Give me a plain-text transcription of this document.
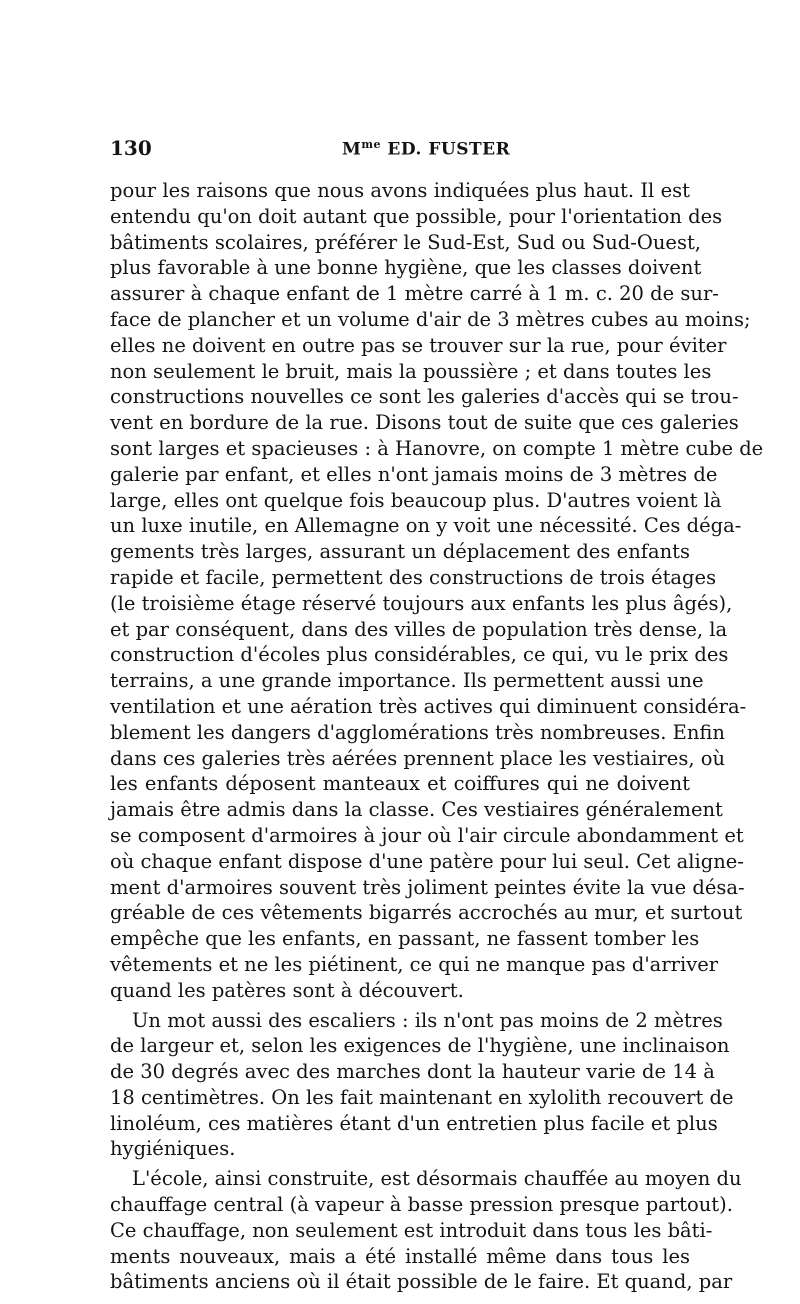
130	$M^{me}$ ED. FUSTER
pour les raisons que nous avons indiquées plus haut. Il est
entendu qu'on doit autant que possible, pour l'orientation des
bâtiments scolaires, préférer le Sud-Est, Sud ou Sud-Ouest,
plus favorable à une bonne hygiène, que les classes doivent
assurer à chaque enfant de 1 mètre carré à 1 m. c. 20 de sur-
face de plancher et un volume d'air de 3 mètres cubes au moins;
elles ne doivent en outre pas se trouver sur la rue, pour éviter
non seulement le bruit, mais la poussière ; et dans toutes les
constructions nouvelles ce sont les galeries d'accès qui se trou-
vent en bordure de la rue. Disons tout de suite que ces galeries
sont larges et spacieuses : à Hanovre, on compte 1 mètre cube de
galerie par enfant, et elles n'ont jamais moins de 3 mètres de
large, elles ont quelque fois beaucoup plus. D'autres voient là
un luxe inutile, en Allemagne on y voit une nécessité. Ces déga-
gements très larges, assurant un déplacement des enfants
rapide et facile, permettent des constructions de trois étages
(le troisième étage réservé toujours aux enfants les plus âgés),
et par conséquent, dans des villes de population très dense, la
construction d'écoles plus considérables, ce qui, vu le prix des
terrains, a une grande importance. Ils permettent aussi une
ventilation et une aération très actives qui diminuent considéra-
blement les dangers d'agglomérations très nombreuses. Enfin
dans ces galeries très aérées prennent place les vestiaires, où
les enfants déposent manteaux et coiffures qui ne doivent
jamais être admis dans la classe. Ces vestiaires généralement
se composent d'armoires à jour où l'air circule abondamment et
où chaque enfant dispose d'une patère pour lui seul. Cet aligne-
ment d'armoires souvent très joliment peintes évite la vue désa-
gréable de ces vêtements bigarrés accrochés au mur, et surtout
empêche que les enfants, en passant, ne fassent tomber les
vêtements et ne les piétinent, ce qui ne manque pas d'arriver
quand les patères sont à découvert.
Un mot aussi des escaliers : ils n'ont pas moins de 2 mètres
de largeur et, selon les exigences de l'hygiène, une inclinaison
de 30 degrés avec des marches dont la hauteur varie de 14 à
18 centimètres. On les fait maintenant en xylolith recouvert de
linoléum, ces matières étant d'un entretien plus facile et plus
hygiéniques.
L'école, ainsi construite, est désormais chauffée au moyen du
chauffage central (à vapeur à basse pression presque partout).
Ce chauffage, non seulement est introduit dans tous les bâti-
ments nouveaux, mais a été installé même dans tous les
bâtiments anciens où il était possible de le faire. Et quand, par
